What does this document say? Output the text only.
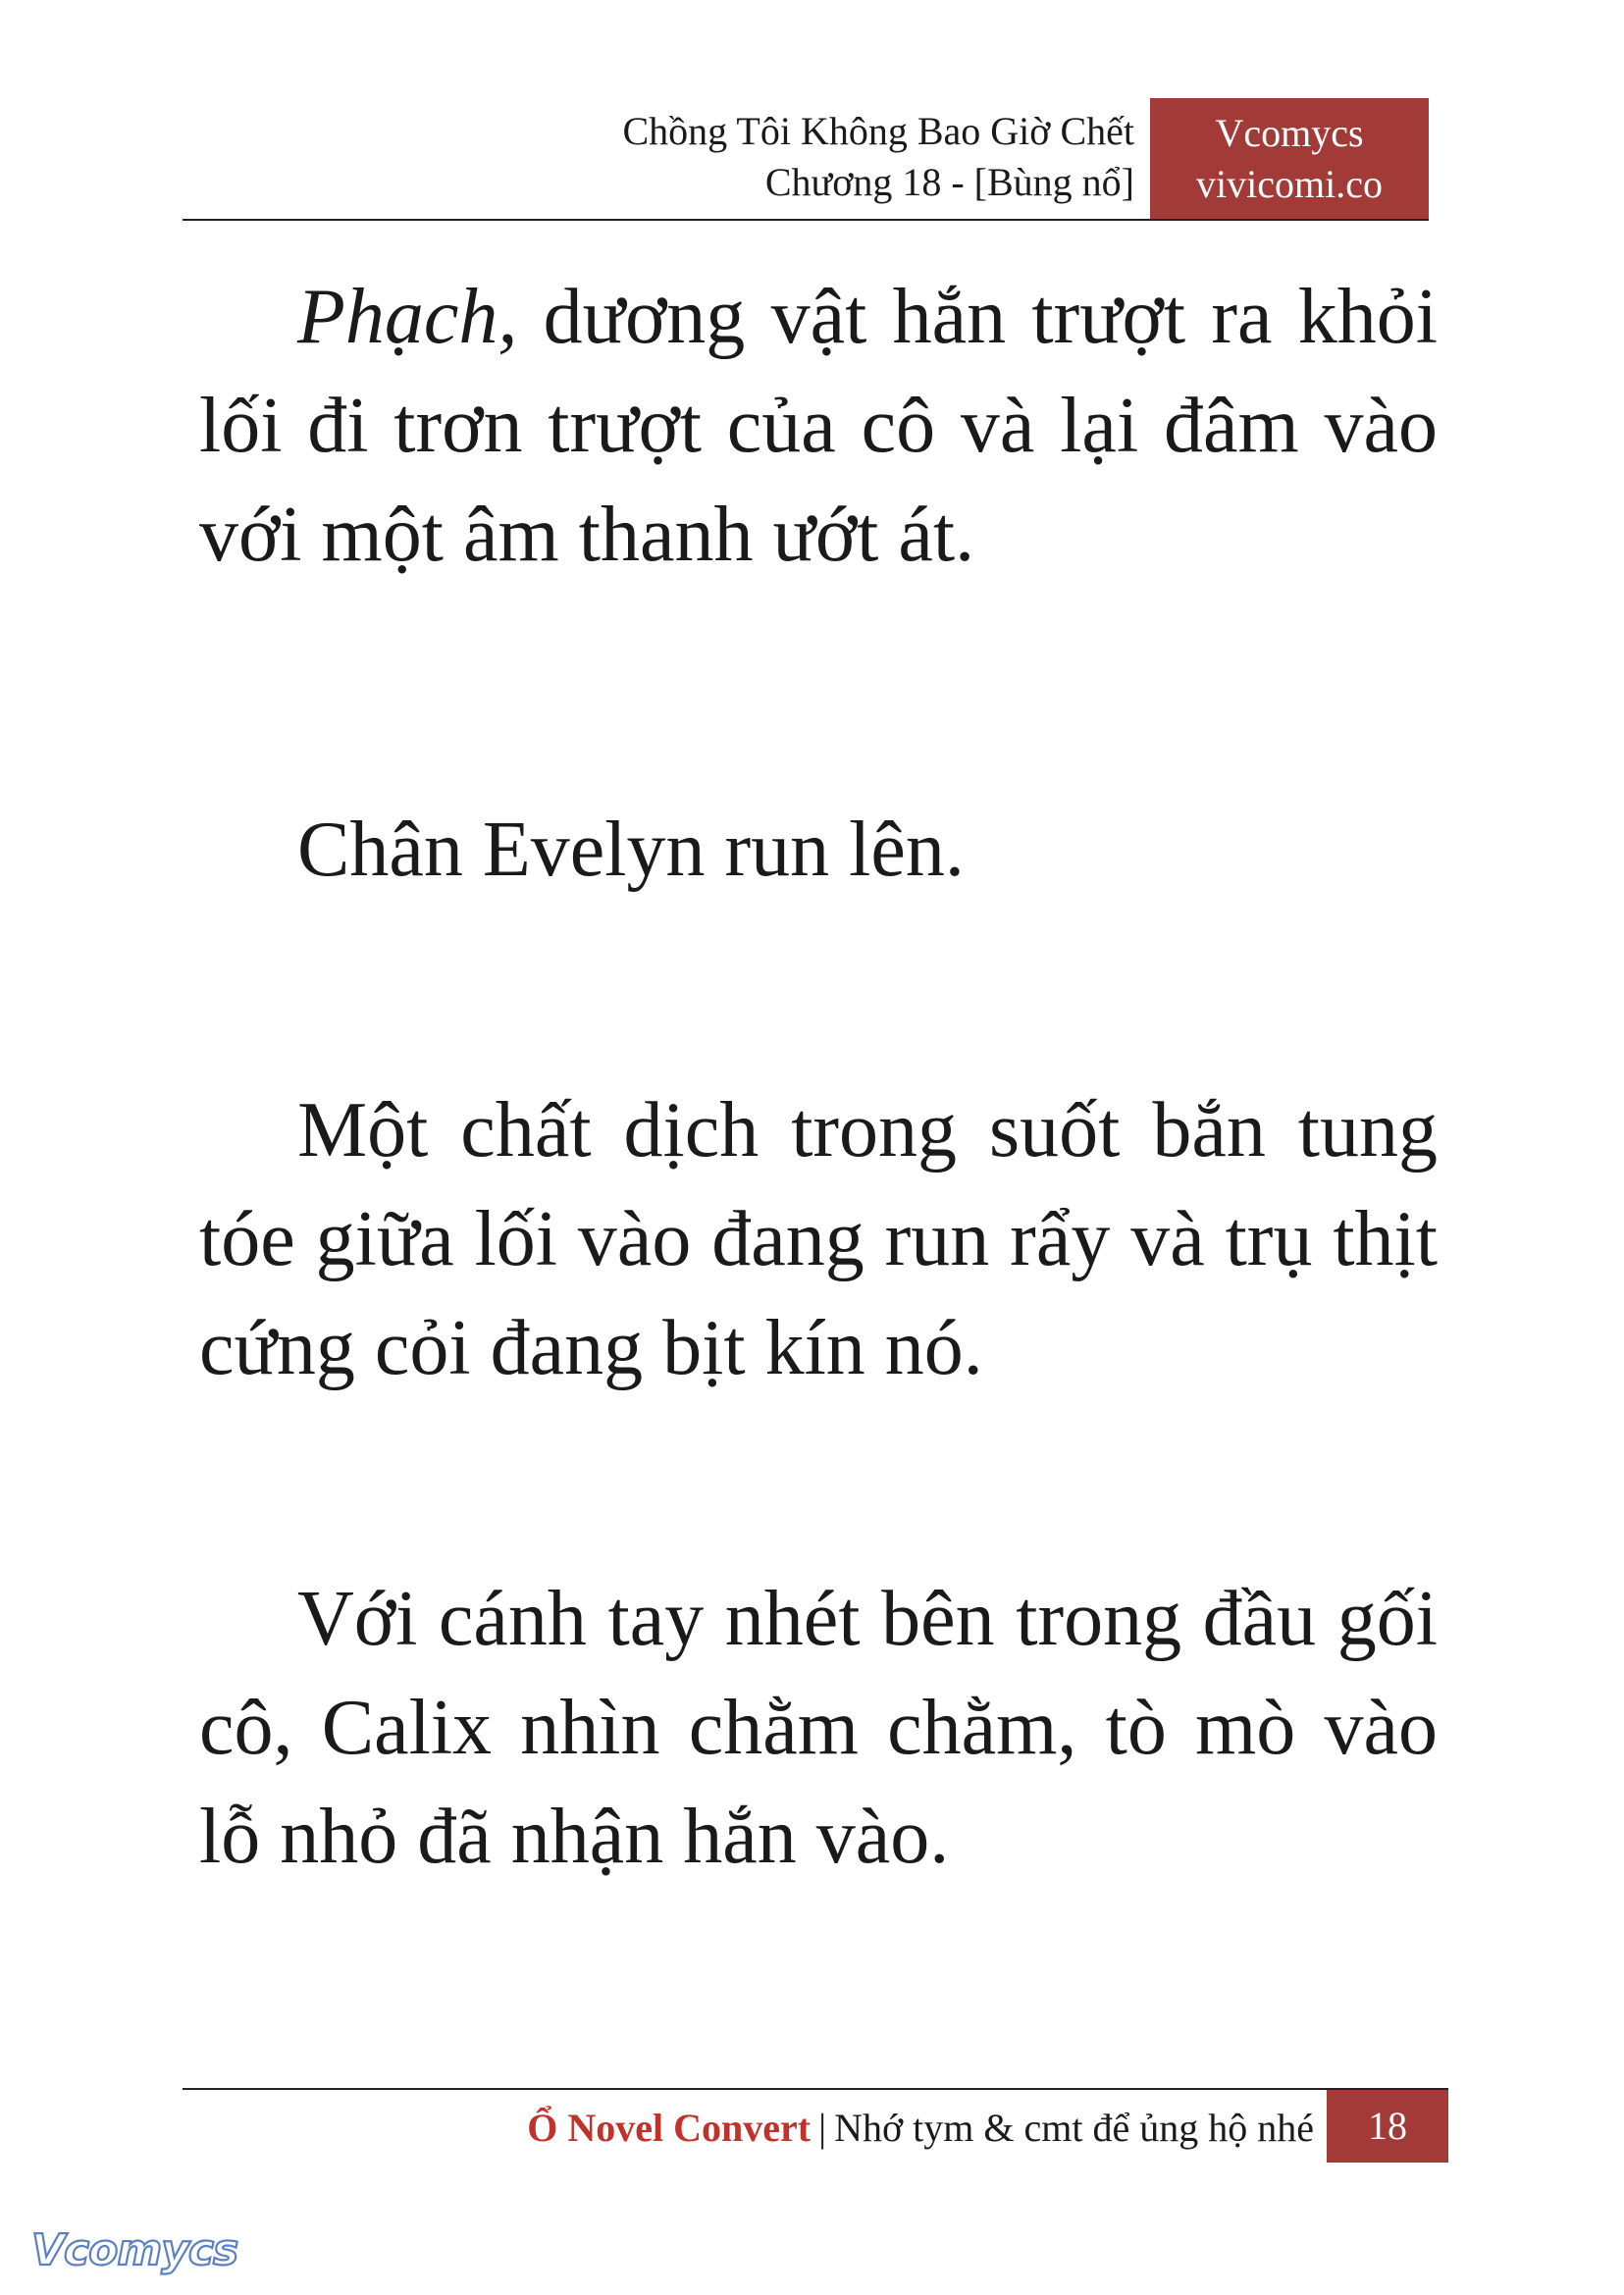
Chồng Tôi Không Bao Giờ Chết
Chương 18 - [Bùng nổ]
Vcomycs
vivicomi.co

Phạch, dương vật hắn trượt ra khỏi lối đi trơn trượt của cô và lại đâm vào với một âm thanh ướt át.

Chân Evelyn run lên.

Một chất dịch trong suốt bắn tung tóe giữa lối vào đang run rẩy và trụ thịt cứng cỏi đang bịt kín nó.

Với cánh tay nhét bên trong đầu gối cô, Calix nhìn chằm chằm, tò mò vào lỗ nhỏ đã nhận hắn vào.

Ổ Novel Convert | Nhớ tym & cmt để ủng hộ nhé	18
Vcomycs
